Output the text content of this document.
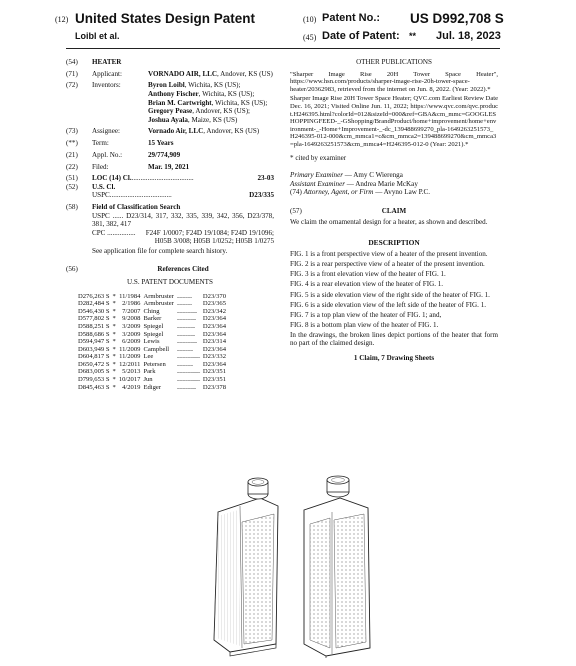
(12) United States Design Patent
Loibl et al.
(10) Patent No.: US D992,708 S
(45) Date of Patent: ** Jul. 18, 2023
(54)	HEATER
(71)	Applicant:	VORNADO AIR, LLC, Andover, KS (US)
(72)	Inventors:	Byron Loibl, Wichita, KS (US);
Anthony Fischer, Wichita, KS (US);
Brian M. Cartwright, Wichita, KS (US);
Gregory Pease, Andover, KS (US);
Joshua Ayala, Maize, KS (US)
(73)	Assignee:	Vornado Air, LLC, Andover, KS (US)
(**)	Term:	15 Years
(21)	Appl. No.:	29/774,909
(22)	Filed:	Mar. 19, 2021
(51)	LOC (14) Cl. ...................................	23-03
(52)	U.S. Cl.
USPC ...................................	D23/335
(58)	Field of Classification Search
USPC ...... D23/314, 317, 332, 335, 339, 342, 356, D23/378, 381, 382, 417
CPC ................	F24F 1/0007; F24D 19/1084; F24D 19/1096; H05B 3/008; H05B 1/0252; H05B 1/0275
See application file for complete search history.
(56)	References Cited
U.S. PATENT DOCUMENTS
D276,263 S	*	11/1984	Armbruster	..............	D23/370
D282,484 S	*	2/1986	Armbruster	..............	D23/365
D546,430 S	*	7/2007	Ching	...................	D23/342
D577,802 S	*	9/2008	Barker	..................	D23/364
D588,251 S	*	3/2009	Spiegel	.................	D23/364
D588,686 S	*	3/2009	Spiegel	.................	D23/364
D594,947 S	*	6/2009	Lewis	...................	D23/314
D603,949 S	*	11/2009	Campbell	...............	D23/364
D604,817 S	*	11/2009	Lee	......................	D23/332
D650,472 S	*	12/2011	Petersen	...............	D23/364
D683,005 S	*	5/2013	Park	......................	D23/351
D799,653 S	*	10/2017	Jun	......................	D23/351
D845,463 S	*	4/2019	Ediger	..................	D23/378
OTHER PUBLICATIONS
"Sharper Image Rise 20H Tower Space Heater", https://www.hsn.com/products/sharper-image-rise-20h-tower-space-heater/20362983, retrieved from the internet on Jun. 8, 2022. (Year: 2022).*
Sharper Image Rise 20H Tower Space Heater; QVC.com Earliest Review Date Dec. 16, 2021; Visited Online Jun. 11, 2022; https://www.qvc.com/qvc.product.H246395.html?colorId=012&sizeId=000&ref=GBA&cm_mmc=GOOGLESHOPPINGFEED-_-GShopping/BrandProduct/home+improvement/home+environment-_-Home+Improvement-_-dc_139488699270_pla-1649263251573_H246395-012-000&cm_mmca1=c&cm_mmca2=139488699270&cm_mmca3=pla-1649263251573&cm_mmca4=H246395-012-0 (Year: 2021).*
* cited by examiner
Primary Examiner — Amy C Wierenga
Assistant Examiner — Andrea Marie McKay
(74) Attorney, Agent, or Firm — Avyno Law P.C.
(57)	CLAIM
We claim the ornamental design for a heater, as shown and described.
DESCRIPTION
FIG. 1 is a front perspective view of a heater of the present invention.
FIG. 2 is a rear perspective view of a heater of the present invention.
FIG. 3 is a front elevation view of the heater of FIG. 1.
FIG. 4 is a rear elevation view of the heater of FIG. 1.
FIG. 5 is a side elevation view of the right side of the heater of FIG. 1.
FIG. 6 is a side elevation view of the left side of the heater of FIG. 1.
FIG. 7 is a top plan view of the heater of FIG. 1; and,
FIG. 8 is a bottom plan view of the heater of FIG. 1.
In the drawings, the broken lines depict portions of the heater that form no part of the claimed design.
1 Claim, 7 Drawing Sheets
